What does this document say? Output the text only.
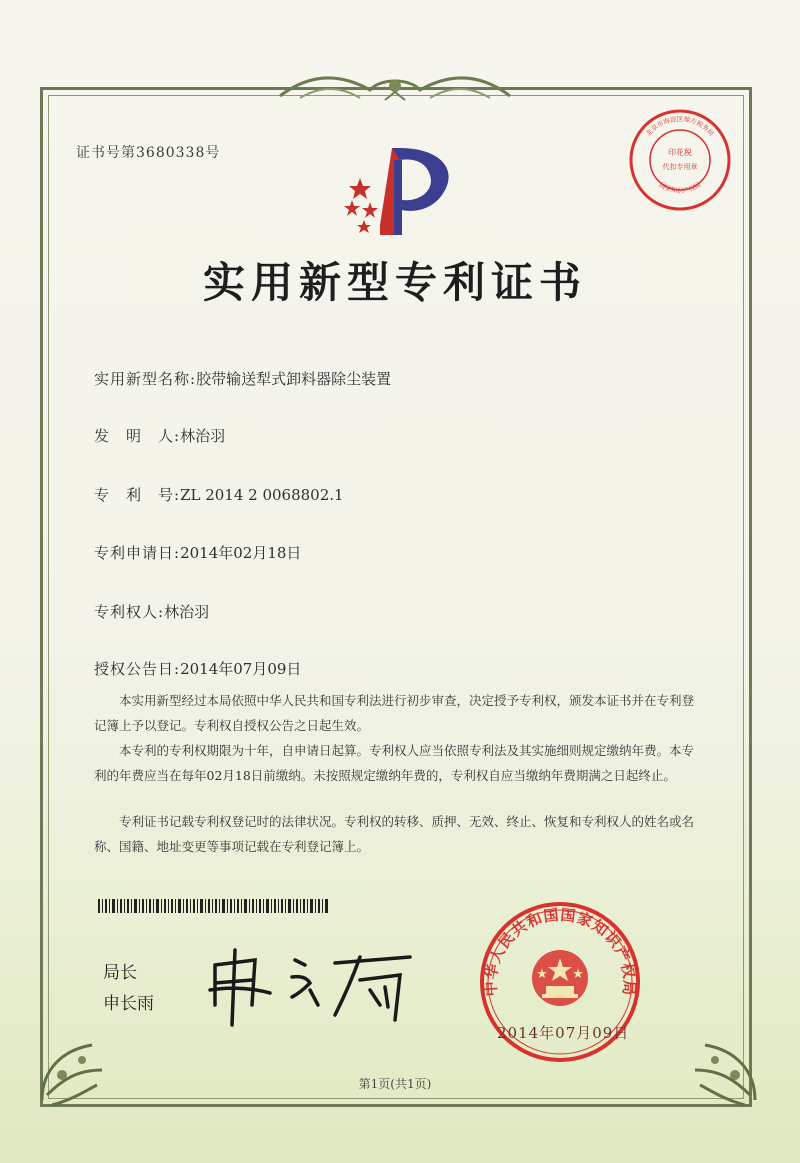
证书号第3680338号	印花税
代扣专用章
北京市海淀区地方税务局
国家知识产权局
实用新型专利证书
实用新型名称:胶带输送犁式卸料器除尘装置
发　明　人:林治羽
专　利　号:ZL 2014 2 0068802.1
专利申请日:2014年02月18日
专利权人:林治羽
授权公告日:2014年07月09日
本实用新型经过本局依照中华人民共和国专利法进行初步审查，决定授予专利权，颁发本证书并在专利登记簿上予以登记。专利权自授权公告之日起生效。
本专利的专利权期限为十年，自申请日起算。专利权人应当依照专利法及其实施细则规定缴纳年费。本专利的年费应当在每年02月18日前缴纳。未按照规定缴纳年费的，专利权自应当缴纳年费期满之日起终止。
专利证书记载专利权登记时的法律状况。专利权的转移、质押、无效、终止、恢复和专利权人的姓名或名称、国籍、地址变更等事项记载在专利登记簿上。
局长
申长雨
中华人民共和国国家知识产权局
2014年07月09日
第1页(共1页)
